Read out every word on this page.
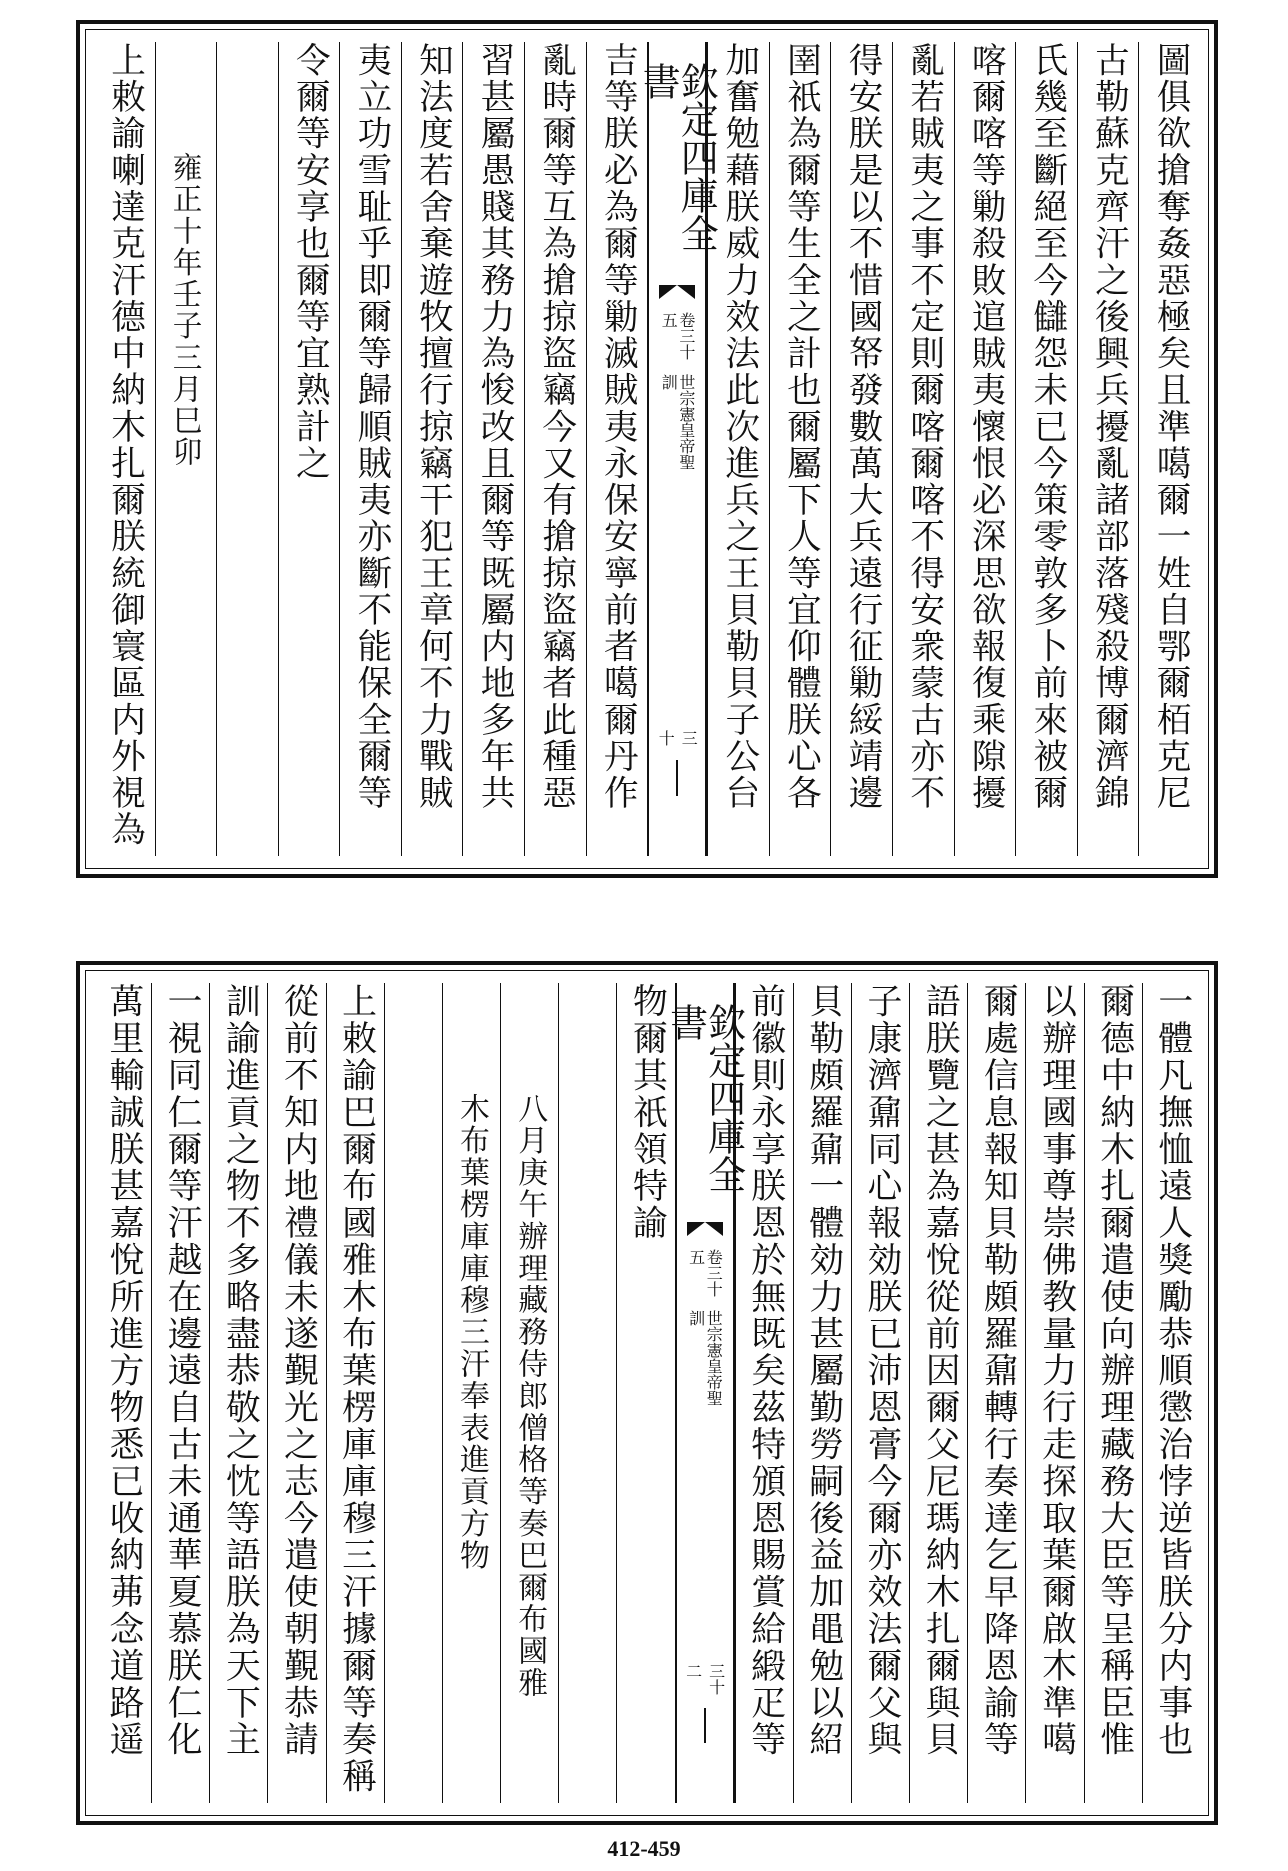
圖俱欲搶奪姦惡極矣且準噶爾一姓自鄂爾栢克尼
古勒蘇克齊汗之後興兵擾亂諸部落殘殺博爾濟錦
氏幾至斷絕至今讎怨未已今策零敦多卜前來被爾
喀爾喀等勦殺敗逭賊夷懷恨必深思欲報復乘隙擾
亂若賊夷之事不定則爾喀爾喀不得安衆蒙古亦不
得安朕是以不惜國帑發數萬大兵遠行征勦綏靖邊
圉祇為爾等生全之計也爾屬下人等宜仰體朕心各
加奮勉藉朕威力效法此次進兵之王貝勒貝子公台
欽定四庫全書
世宗憲皇帝聖訓
卷三十五
三十
吉等朕必為爾等勦滅賊夷永保安寧前者噶爾丹作
亂時爾等互為搶掠盜竊今又有搶掠盜竊者此種惡
習甚屬愚賤其務力為悛改且爾等既屬内地多年共
知法度若舍棄遊牧擅行掠竊干犯王章何不力戰賊
夷立功雪耻乎即爾等歸順賊夷亦斷不能保全爾等
令爾等安享也爾等宜熟計之
雍正十年壬子三月巳卯
上敕諭喇達克汗德中納木扎爾朕統御寰區内外視為
一體凡撫恤遠人獎勵恭順懲治悖逆皆朕分内事也
爾德中納木扎爾遣使向辦理藏務大臣等呈稱臣惟
以辦理國事尊崇佛教量力行走探取葉爾啟木準噶
爾處信息報知貝勒頗羅鼐轉行奏達乞早降恩諭等
語朕覽之甚為嘉悅從前因爾父尼瑪納木扎爾與貝
子康濟鼐同心報効朕已沛恩膏今爾亦效法爾父與
貝勒頗羅鼐一體効力甚屬勤勞嗣後益加黽勉以紹
前徽則永享朕恩於無既矣茲特頒恩賜賞給緞疋等
欽定四庫全書
世宗憲皇帝聖訓
卷三十五
三十二
物爾其祇領特諭
八月庚午辦理藏務侍郎僧格等奏巴爾布國雅
木布葉楞庫庫穆三汗奉表進貢方物
上敕諭巴爾布國雅木布葉楞庫庫穆三汗據爾等奏稱
從前不知内地禮儀未遂覲光之志今遣使朝覲恭請
訓諭進貢之物不多略盡恭敬之忱等語朕為天下主
一視同仁爾等汗越在邊遠自古未通華夏慕朕仁化
萬里輸誠朕甚嘉悅所進方物悉已收納茀念道路遥
412-459
